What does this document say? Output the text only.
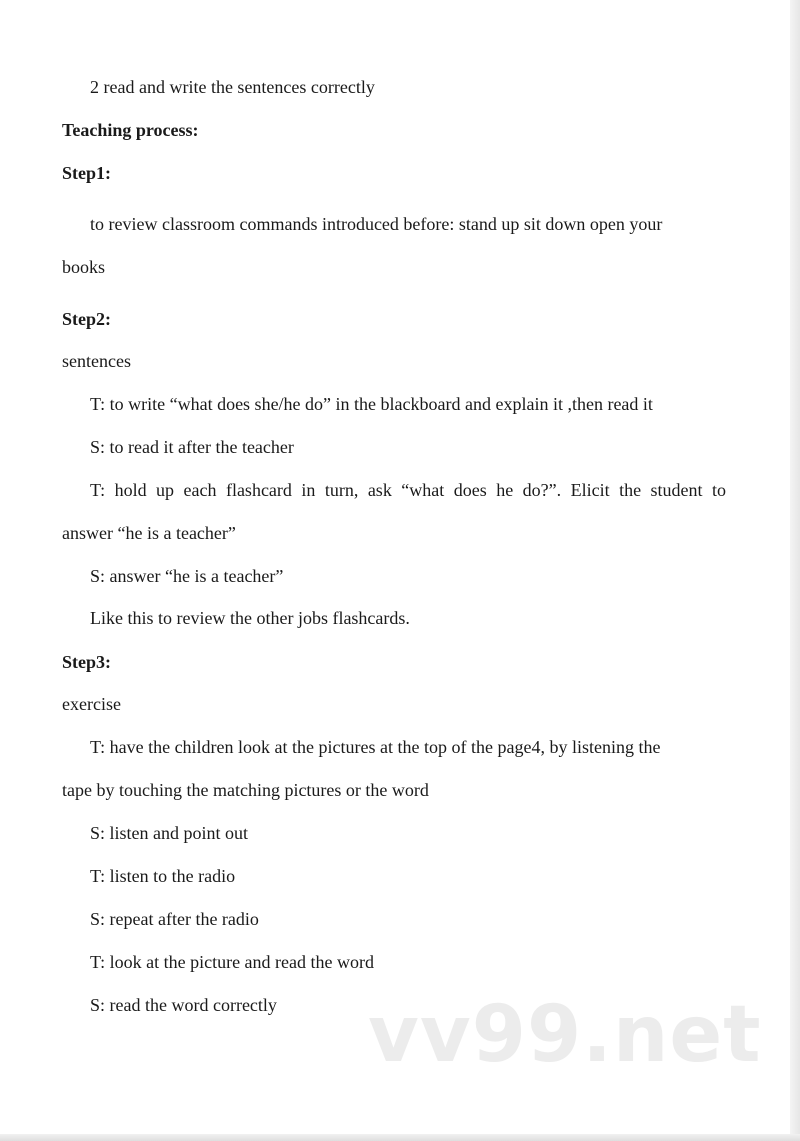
2 read and write the sentences correctly

Teaching process:

Step1:

to review classroom commands introduced before: stand up sit down open your

books

Step2:

sentences

T: to write “what does she/he do” in the blackboard and explain it ,then read it

S: to read it after the teacher

T: hold up each flashcard in turn, ask “what does he do?”. Elicit the student to

answer “he is a teacher”

S: answer “he is a teacher”

Like this to review the other jobs flashcards.

Step3:

exercise

T: have the children look at the pictures at the top of the page4, by listening the

tape by touching the matching pictures or the word

S: listen and point out

T: listen to the radio

S: repeat after the radio

T: look at the picture and read the word

S: read the word correctly vv99.net
